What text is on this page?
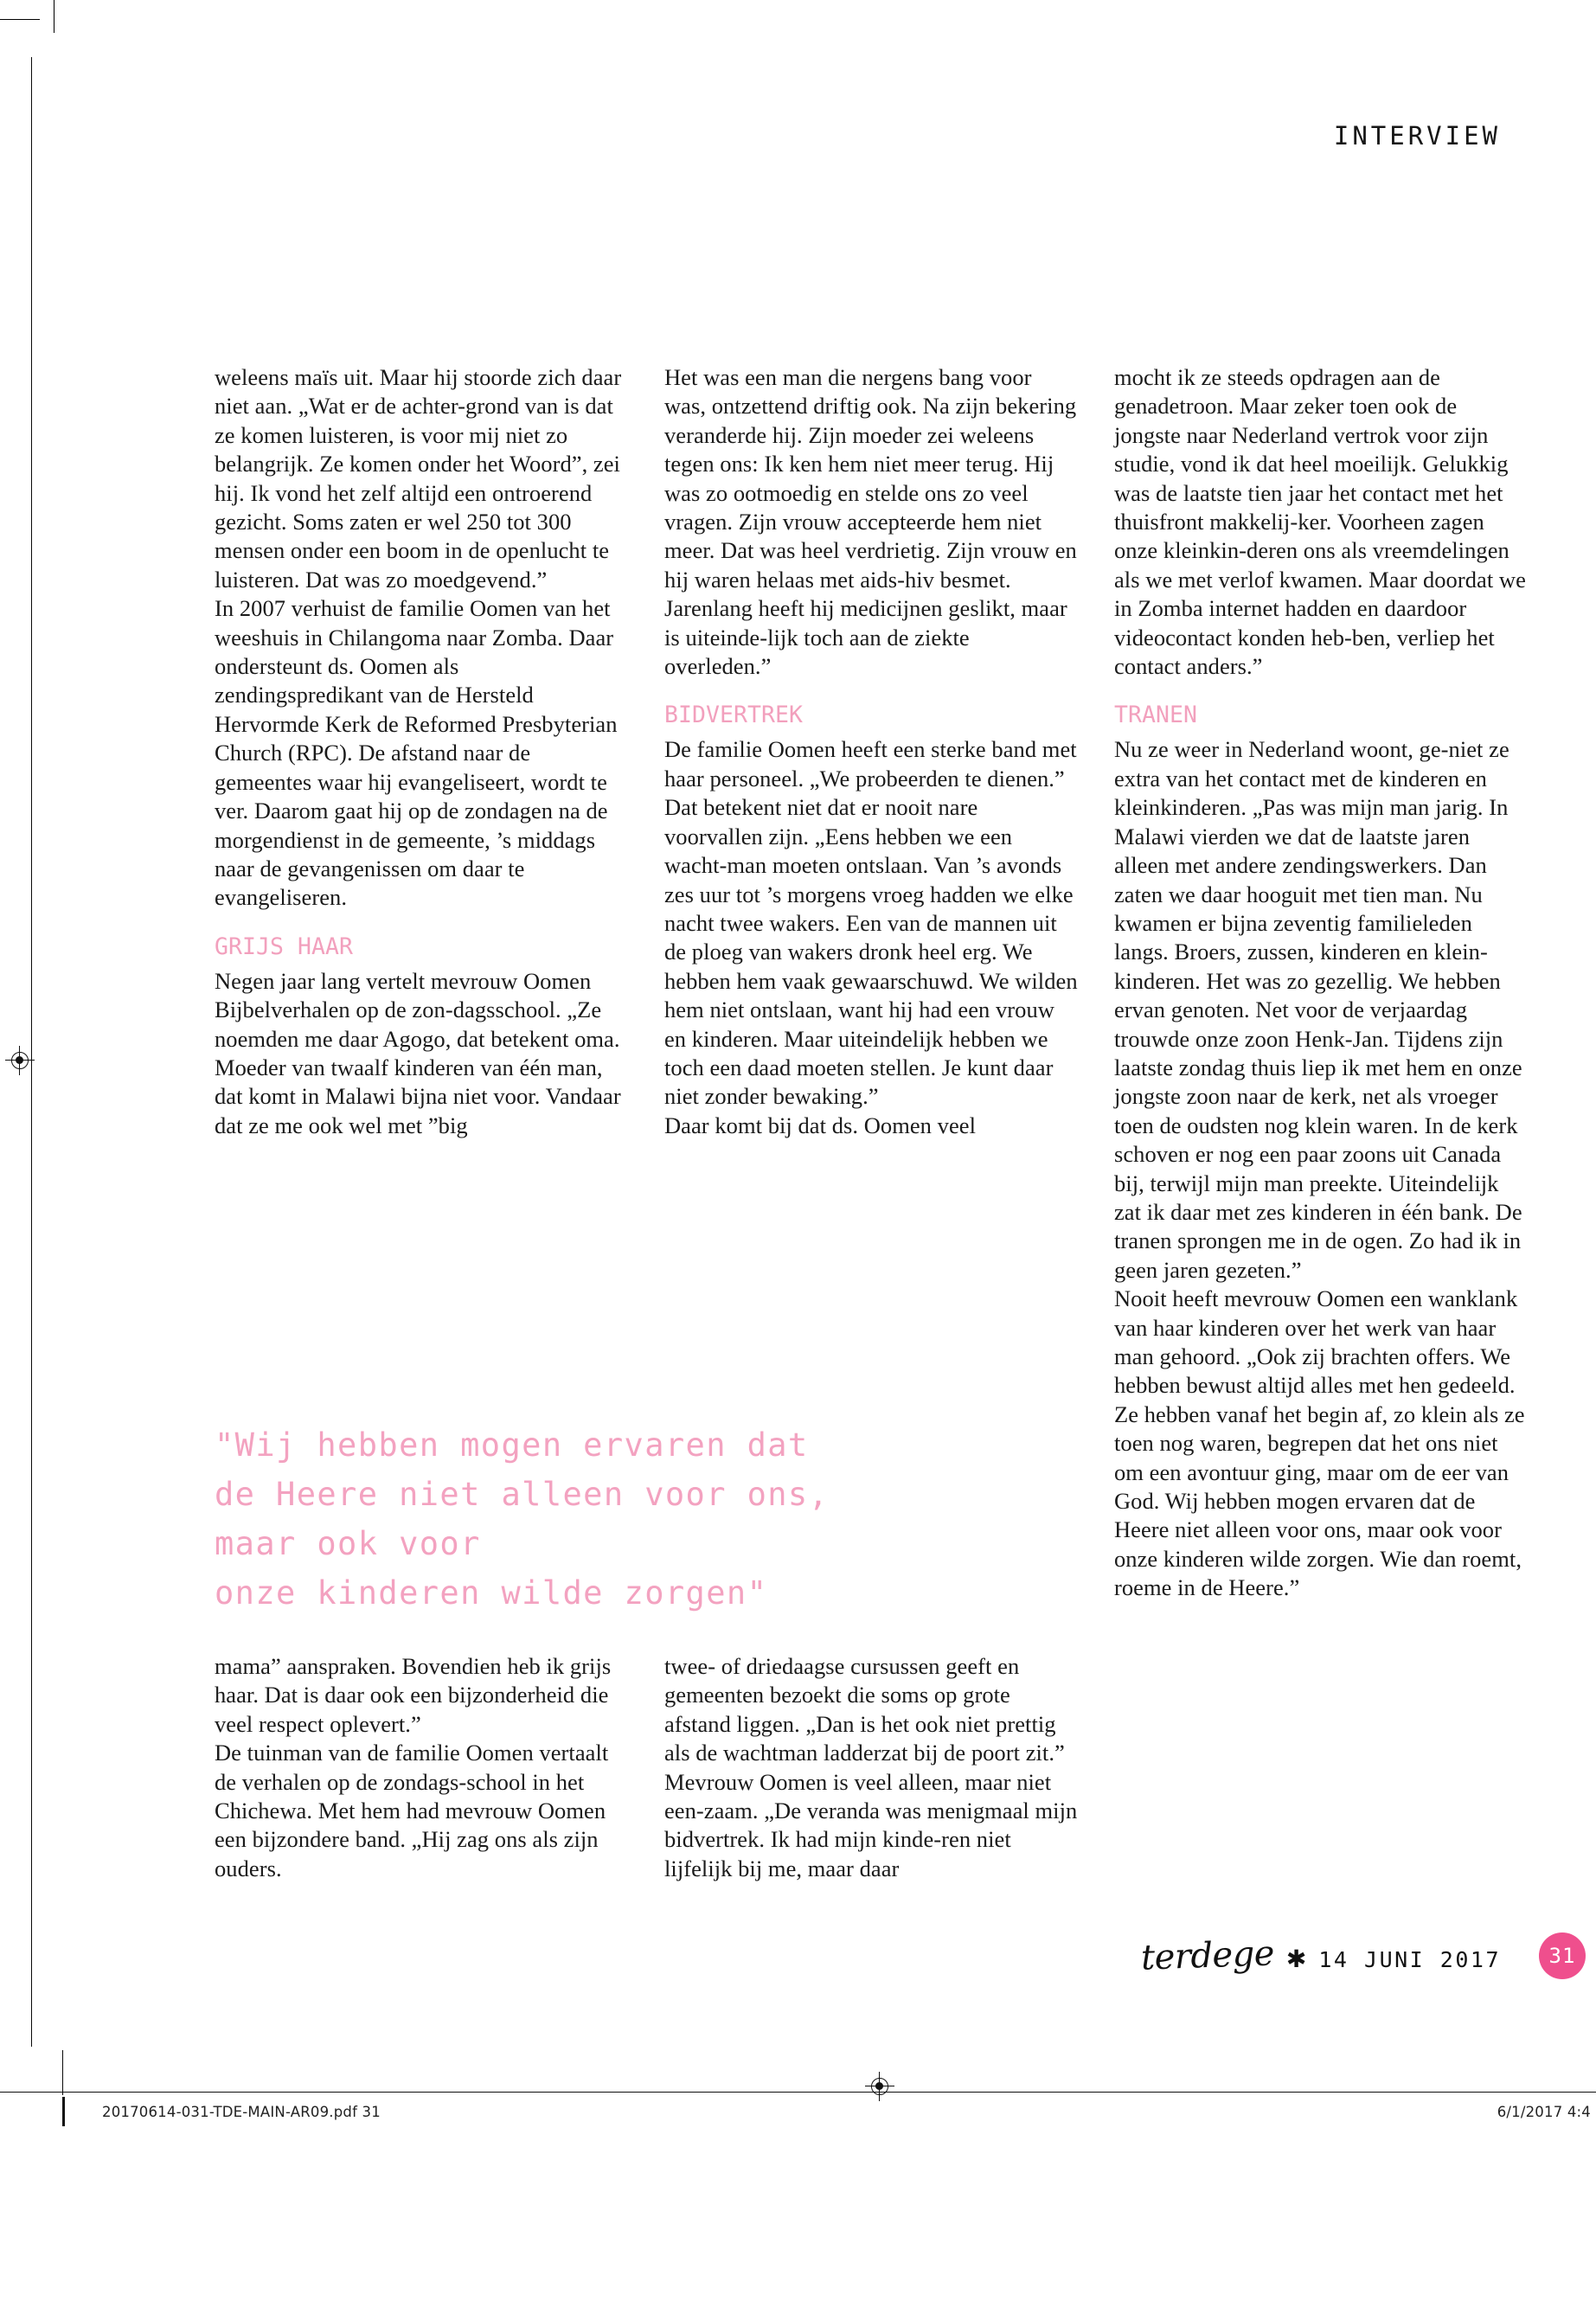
INTERVIEW

weleens maïs uit. Maar hij stoorde zich daar niet aan. „Wat er de achter-grond van is dat ze komen luisteren, is voor mij niet zo belangrijk. Ze komen onder het Woord”, zei hij. Ik vond het zelf altijd een ontroerend gezicht. Soms zaten er wel 250 tot 300 mensen onder een boom in de openlucht te luisteren. Dat was zo moedgevend.”

In 2007 verhuist de familie Oomen van het weeshuis in Chilangoma naar Zomba. Daar ondersteunt ds. Oomen als zendingspredikant van de Hersteld Hervormde Kerk de Reformed Presbyterian Church (RPC). De afstand naar de gemeentes waar hij evangeliseert, wordt te ver. Daarom gaat hij op de zondagen na de morgendienst in de gemeente, ’s middags naar de gevangenissen om daar te evangeliseren.

GRIJS HAAR

Negen jaar lang vertelt mevrouw Oomen Bijbelverhalen op de zon-dagsschool. „Ze noemden me daar Agogo, dat betekent oma. Moeder van twaalf kinderen van één man, dat komt in Malawi bijna niet voor. Vandaar dat ze me ook wel met ”big

Het was een man die nergens bang voor was, ontzettend driftig ook. Na zijn bekering veranderde hij. Zijn moeder zei weleens tegen ons: Ik ken hem niet meer terug. Hij was zo ootmoedig en stelde ons zo veel vragen. Zijn vrouw accepteerde hem niet meer. Dat was heel verdrietig. Zijn vrouw en hij waren helaas met aids-hiv besmet. Jarenlang heeft hij medicijnen geslikt, maar is uiteinde-lijk toch aan de ziekte overleden.”

BIDVERTREK

De familie Oomen heeft een sterke band met haar personeel. „We probeerden te dienen.” Dat betekent niet dat er nooit nare voorvallen zijn. „Eens hebben we een wacht-man moeten ontslaan. Van ’s avonds zes uur tot ’s morgens vroeg hadden we elke nacht twee wakers. Een van de mannen uit de ploeg van wakers dronk heel erg. We hebben hem vaak gewaarschuwd. We wilden hem niet ontslaan, want hij had een vrouw en kinderen. Maar uiteindelijk hebben we toch een daad moeten stellen. Je kunt daar niet zonder bewaking.”

Daar komt bij dat ds. Oomen veel

mocht ik ze steeds opdragen aan de genadetroon. Maar zeker toen ook de jongste naar Nederland vertrok voor zijn studie, vond ik dat heel moeilijk. Gelukkig was de laatste tien jaar het contact met het thuisfront makkelij-ker. Voorheen zagen onze kleinkin-deren ons als vreemdelingen als we met verlof kwamen. Maar doordat we in Zomba internet hadden en daardoor videocontact konden heb-ben, verliep het contact anders.”

TRANEN

Nu ze weer in Nederland woont, ge-niet ze extra van het contact met de kinderen en kleinkinderen. „Pas was mijn man jarig. In Malawi vierden we dat de laatste jaren alleen met andere zendingswerkers. Dan zaten we daar hooguit met tien man. Nu kwamen er bijna zeventig familieleden langs. Broers, zussen, kinderen en klein-kinderen. Het was zo gezellig. We hebben ervan genoten. Net voor de verjaardag trouwde onze zoon Henk-Jan. Tijdens zijn laatste zondag thuis liep ik met hem en onze jongste zoon naar de kerk, net als vroeger toen de oudsten nog klein waren. In de kerk schoven er nog een paar zoons uit Canada bij, terwijl mijn man preekte. Uiteindelijk zat ik daar met zes kinderen in één bank. De tranen sprongen me in de ogen. Zo had ik in geen jaren gezeten.”

Nooit heeft mevrouw Oomen een wanklank van haar kinderen over het werk van haar man gehoord. „Ook zij brachten offers. We hebben bewust altijd alles met hen gedeeld. Ze hebben vanaf het begin af, zo klein als ze toen nog waren, begrepen dat het ons niet om een avontuur ging, maar om de eer van God. Wij hebben mogen ervaren dat de Heere niet alleen voor ons, maar ook voor onze kinderen wilde zorgen. Wie dan roemt, roeme in de Heere.”

"Wij hebben mogen ervaren dat
de Heere niet alleen voor ons,
maar ook voor
onze kinderen wilde zorgen"

mama” aanspraken. Bovendien heb ik grijs haar. Dat is daar ook een bijzonderheid die veel respect oplevert.”

De tuinman van de familie Oomen vertaalt de verhalen op de zondags-school in het Chichewa. Met hem had mevrouw Oomen een bijzondere band. „Hij zag ons als zijn ouders.

twee- of driedaagse cursussen geeft en gemeenten bezoekt die soms op grote afstand liggen. „Dan is het ook niet prettig als de wachtman ladderzat bij de poort zit.” Mevrouw Oomen is veel alleen, maar niet een-zaam. „De veranda was menigmaal mijn bidvertrek. Ik had mijn kinde-ren niet lijfelijk bij me, maar daar

terdege ✱ 14 JUNI 2017	31
20170614-031-TDE-MAIN-AR09.pdf 31	6/1/2017 4:4
